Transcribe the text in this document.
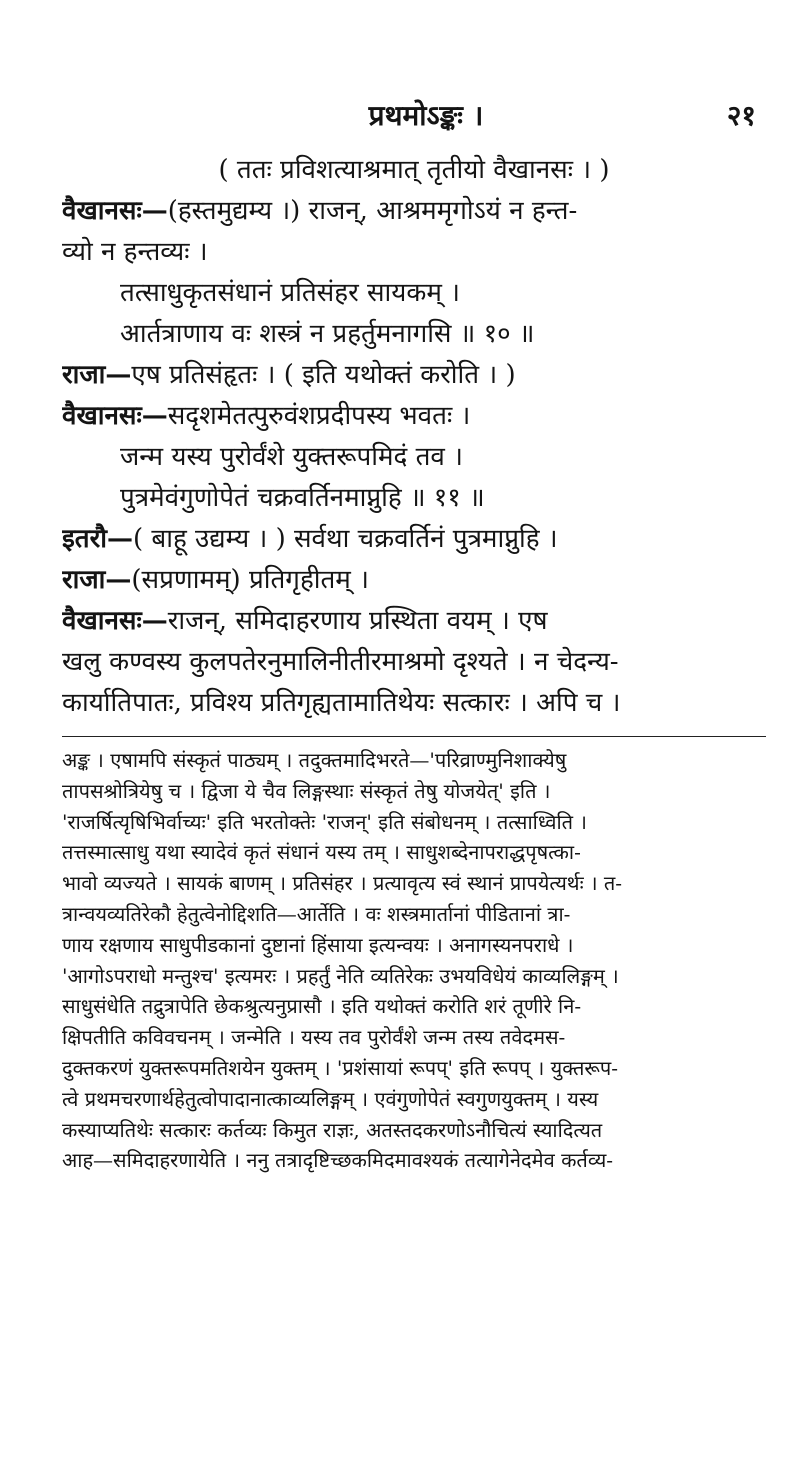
प्रथमोऽङ्कः ।	२१
( ततः प्रविशत्याश्रमात् तृतीयो वैखानसः । )
वैखानसः—(हस्तमुद्यम्य ।) राजन्, आश्रममृगोऽयं न हन्त-
व्यो न हन्तव्यः ।
तत्साधुकृतसंधानं प्रतिसंहर सायकम् ।
आर्तत्राणाय वः शस्त्रं न प्रहर्तुमनागसि ॥ १० ॥
राजा—एष प्रतिसंहृतः । ( इति यथोक्तं करोति । )
वैखानसः—सदृशमेतत्पुरुवंशप्रदीपस्य भवतः ।
जन्म यस्य पुरोर्वंशे युक्तरूपमिदं तव ।
पुत्रमेवंगुणोपेतं चक्रवर्तिनमाप्नुहि ॥ ११ ॥
इतरौ—( बाहू उद्यम्य । ) सर्वथा चक्रवर्तिनं पुत्रमाप्नुहि ।
राजा—(सप्रणामम्) प्रतिगृहीतम् ।
वैखानसः—राजन्, समिदाहरणाय प्रस्थिता वयम् । एष
खलु कण्वस्य कुलपतेरनुमालिनीतीरमाश्रमो दृश्यते । न चेदन्य-
कार्यातिपातः, प्रविश्य प्रतिगृह्यतामातिथेयः सत्कारः । अपि च ।
अङ्क । एषामपि संस्कृतं पाठ्यम् । तदुक्तमादिभरते—'परिव्राण्मुनिशाक्येषु
तापसश्रोत्रियेषु च । द्विजा ये चैव लिङ्गस्थाः संस्कृतं तेषु योजयेत्' इति ।
'राजर्षित्यृषिभिर्वाच्यः' इति भरतोक्तेः 'राजन्' इति संबोधनम् । तत्साध्विति ।
तत्तस्मात्साधु यथा स्यादेवं कृतं संधानं यस्य तम् । साधुशब्देनापराद्धपृषत्का-
भावो व्यज्यते । सायकं बाणम् । प्रतिसंहर । प्रत्यावृत्य स्वं स्थानं प्रापयेत्यर्थः । त-
त्रान्वयव्यतिरेकौ हेतुत्वेनोद्दिशति—आर्तेति । वः शस्त्रमार्तानां पीडितानां त्रा-
णाय रक्षणाय साधुपीडकानां दुष्टानां हिंसाया इत्यन्वयः । अनागस्यनपराधे ।
'आगोऽपराधो मन्तुश्च' इत्यमरः । प्रहर्तुं नेति व्यतिरेकः उभयविधेयं काव्यलिङ्गम् ।
साधुसंधेति तद्रुत्रापेति छेकश्रुत्यनुप्रासौ । इति यथोक्तं करोति शरं तूणीरे नि-
क्षिपतीति कविवचनम् । जन्मेति । यस्य तव पुरोर्वंशे जन्म तस्य तवेदमस-
दुक्तकरणं युक्तरूपमतिशयेन युक्तम् । 'प्रशंसायां रूपप्' इति रूपप् । युक्तरूप-
त्वे प्रथमचरणार्थहेतुत्वोपादानात्काव्यलिङ्गम् । एवंगुणोपेतं स्वगुणयुक्तम् । यस्य
कस्याप्यतिथेः सत्कारः कर्तव्यः किमुत राज्ञः, अतस्तदकरणोऽनौचित्यं स्यादित्यत
आह—समिदाहरणायेति । ननु तत्रादृष्टिच्छकमिदमावश्यकं तत्यागेनेदमेव कर्तव्य-
